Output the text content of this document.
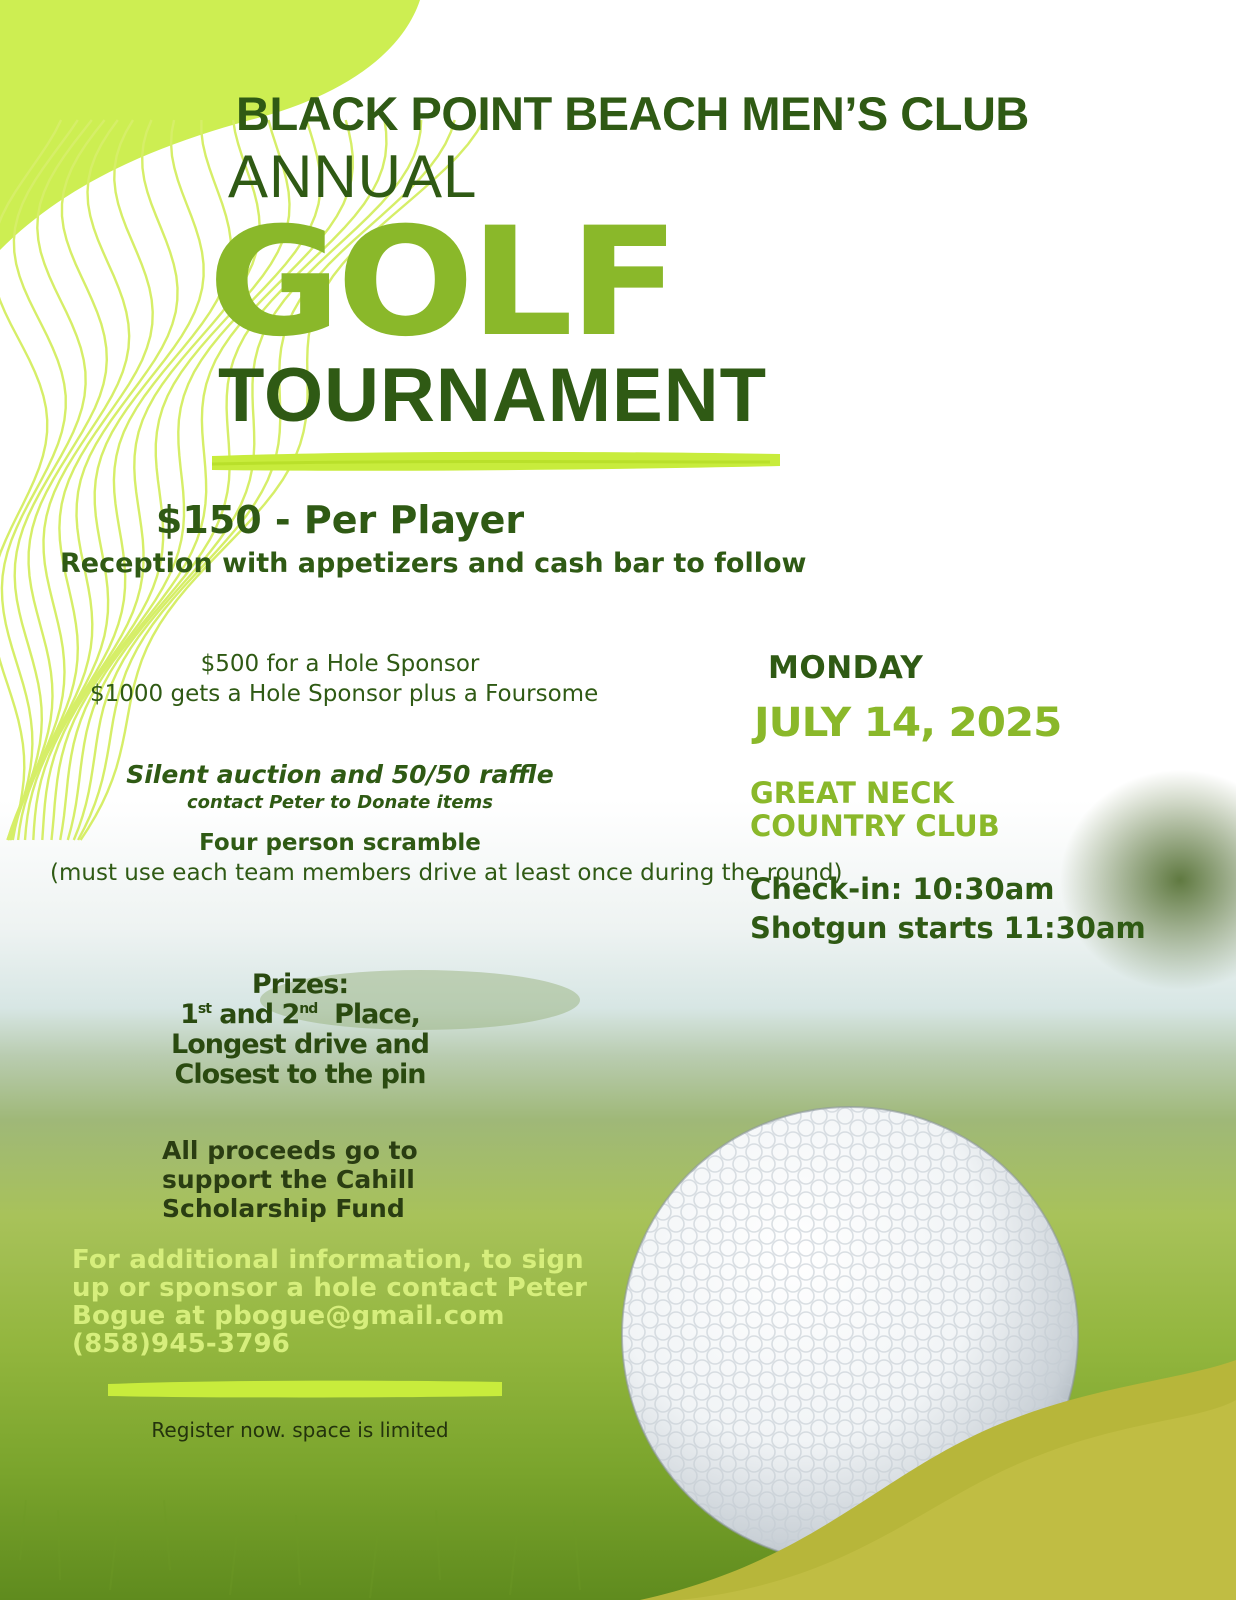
BLACK POINT BEACH MEN’S CLUB
ANNUAL
GOLF
TOURNAMENT
$150 - Per Player
Reception with appetizers and cash bar to follow
$500 for a Hole Sponsor
$1000 gets a Hole Sponsor plus a Foursome
Silent auction and 50/50 raffle
contact Peter to Donate items
Four person scramble
(must use each team members drive at least once during the round)
Prizes:
1st and 2nd  Place,
Longest drive and
Closest to the pin
All proceeds go to support the Cahill Scholarship Fund
For additional information, to sign up or sponsor a hole contact Peter Bogue at pbogue@gmail.com (858)945-3796
Register now. space is limited
MONDAY
JULY 14, 2025
GREAT NECK COUNTRY CLUB
Check-in: 10:30am
Shotgun starts 11:30am
